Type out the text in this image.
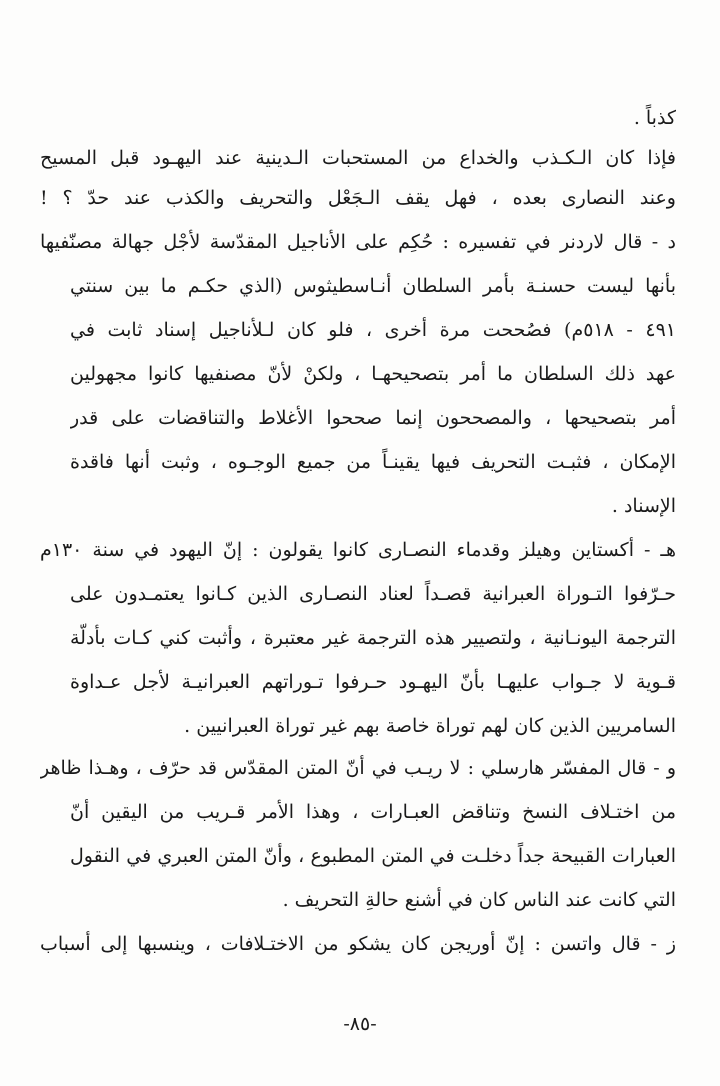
كذباً .
فإذا كان الـكـذب والخداع من المستحبات الـدينية عند اليهـود قبل المسيح
وعند النصارى بعده ، فهل يقف الـجَعْل والتحريف والكذب عند حدّ ؟ !
د - قال لاردنر في تفسيره : حُكِم على الأناجيل المقدّسة لأجْل جهالة مصنّفيها
بأنها ليست حسنـة بأمر السلطان أنـاسطيثوس (الذي حكـم ما بين سنتي
٤٩١ - ٥١٨م) فصُححت مرة أخرى ، فلو كان لـلأناجيل إسناد ثابت في
عهد ذلك السلطان ما أمر بتصحيحهـا ، ولكنْ لأنّ مصنفيها كانوا مجهولين
أمر بتصحيحها ، والمصححون إنما صححوا الأغلاط والتناقضات على قدر
الإمكان ، فثبـت التحريف فيها يقينـاً من جميع الوجـوه ، وثبت أنها فاقدة
الإسناد .
هـ - أكستاين وهيلز وقدماء النصـارى كانوا يقولون : إنّ اليهود في سنة ١٣٠م
حـرّفوا التـوراة العبرانية قصـداً لعناد النصـارى الذين كـانوا يعتمـدون على
الترجمة اليونـانية ، ولتصيير هذه الترجمة غير معتبرة ، وأثبت كني كـات بأدلّة
قـوية لا جـواب عليهـا بأنّ اليهـود حـرفوا تـوراتهم العبرانيـة لأجل عـداوة
السامريين الذين كان لهم توراة خاصة بهم غير توراة العبرانيين .
و - قال المفسّر هارسلي : لا ريـب في أنّ المتن المقدّس قد حرّف ، وهـذا ظاهر
من اختـلاف النسخ وتناقض العبـارات ، وهذا الأمر قـريب من اليقين أنّ
العبارات القبيحة جداً دخلـت في المتن المطبوع ، وأنّ المتن العبري في النقول
التي كانت عند الناس كان في أشنع حالةِ التحريف .
ز - قال واتسن : إنّ أوريجن كان يشكو من الاختـلافات ، وينسبها إلى أسباب
-٨٥-
